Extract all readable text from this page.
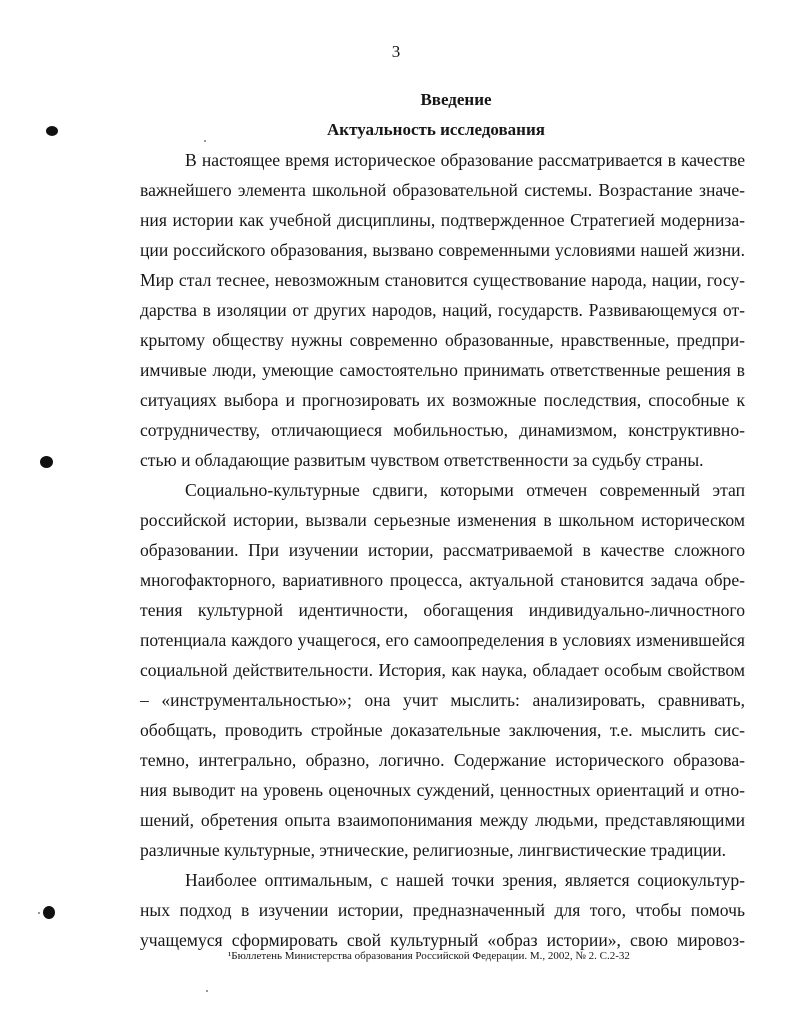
3
Введение
Актуальность исследования
В настоящее время историческое образование рассматривается в качестве
важнейшего элемента школьной образовательной системы. Возрастание значе-
ния истории как учебной дисциплины, подтвержденное Стратегией модерниза-
ции российского образования, вызвано современными условиями нашей жизни.
Мир стал теснее, невозможным становится существование народа, нации, госу-
дарства в изоляции от других народов, наций, государств. Развивающемуся от-
крытому обществу нужны современно образованные, нравственные, предпри-
имчивые люди, умеющие самостоятельно принимать ответственные решения в
ситуациях выбора и прогнозировать их возможные последствия, способные к
сотрудничеству, отличающиеся мобильностью, динамизмом, конструктивно-
стью и обладающие развитым чувством ответственности за судьбу страны.
Социально-культурные сдвиги, которыми отмечен современный этап
российской истории, вызвали серьезные изменения в школьном историческом
образовании. При изучении истории, рассматриваемой в качестве сложного
многофакторного, вариативного процесса, актуальной становится задача обре-
тения культурной идентичности, обогащения индивидуально-личностного
потенциала каждого учащегося, его самоопределения в условиях изменившейся
социальной действительности. История, как наука, обладает особым свойством
– «инструментальностью»; она учит мыслить: анализировать, сравнивать,
обобщать, проводить стройные доказательные заключения, т.е. мыслить сис-
темно, интегрально, образно, логично. Содержание исторического образова-
ния выводит на уровень оценочных суждений, ценностных ориентаций и отно-
шений, обретения опыта взаимопонимания между людьми, представляющими
различные культурные, этнические, религиозные, лингвистические традиции.
Наиболее оптимальным, с нашей точки зрения, является социокультур-
ных подход в изучении истории, предназначенный для того, чтобы помочь
учащемуся сформировать свой культурный «образ истории», свою мировоз-
¹Бюллетень Министерства образования Российской Федерации. М., 2002, № 2. С.2-32
